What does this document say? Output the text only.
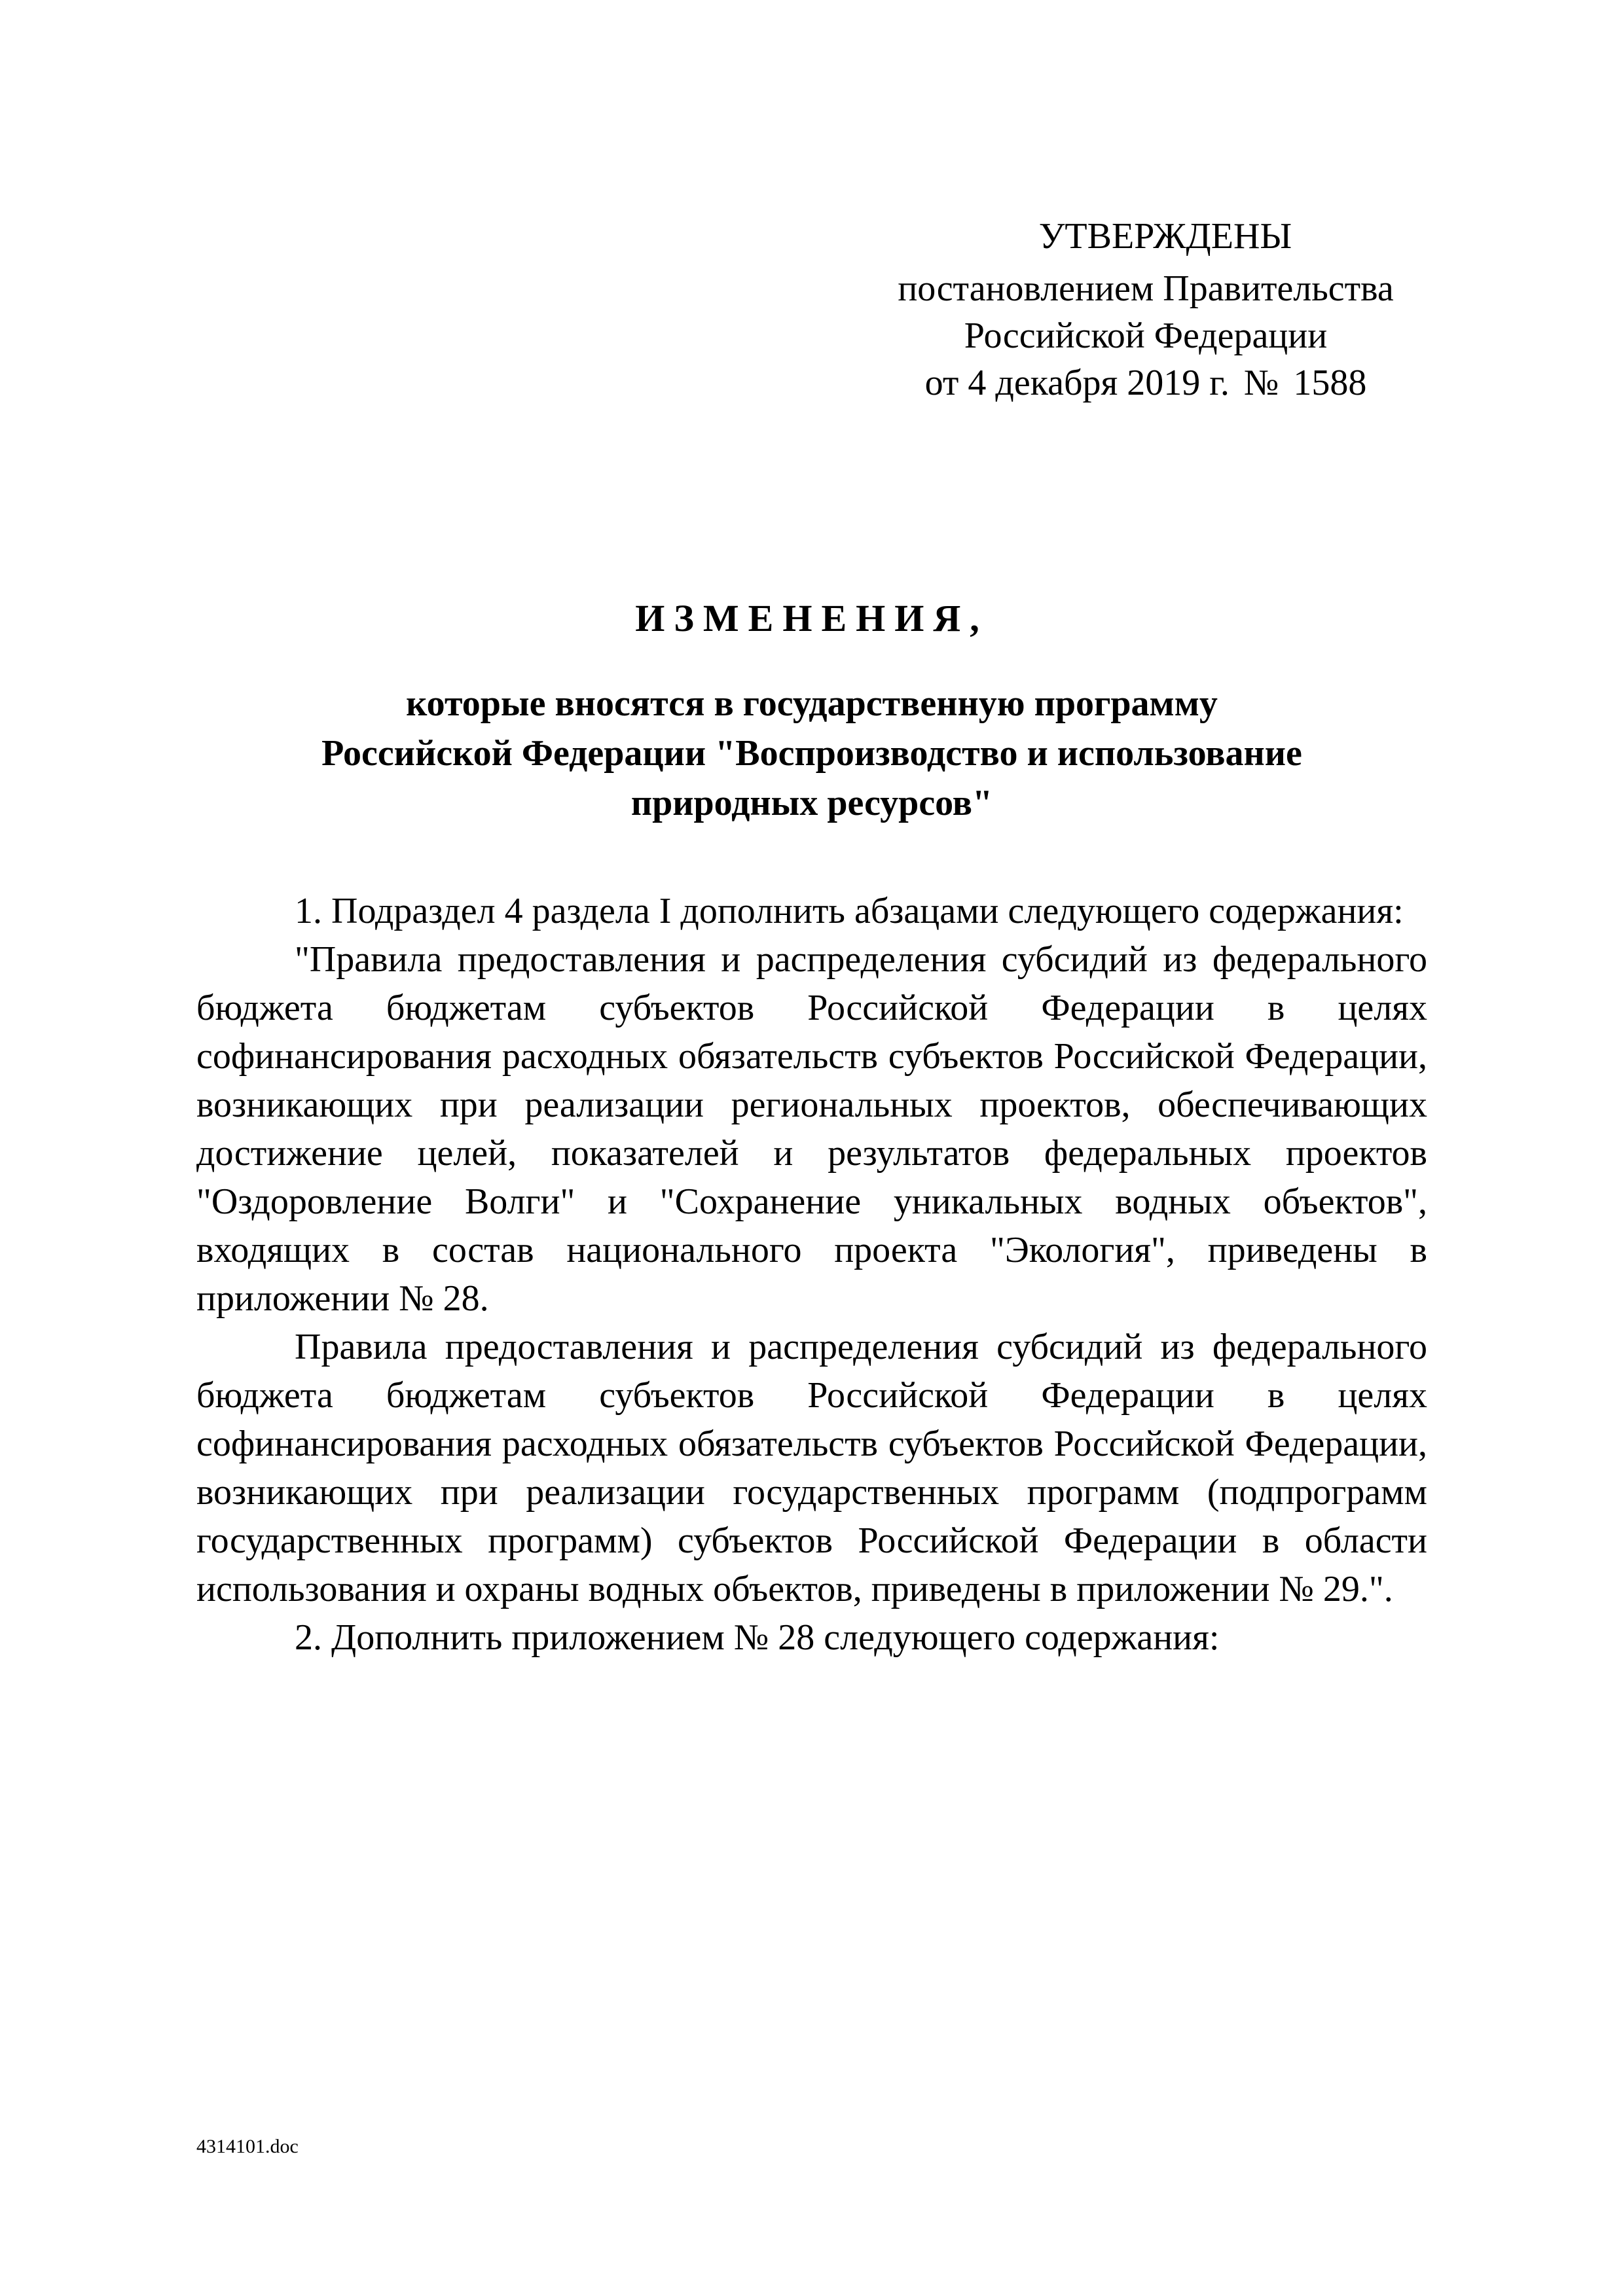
УТВЕРЖДЕНЫ
постановлением Правительства
Российской Федерации
от 4 декабря 2019 г. № 1588
ИЗМЕНЕНИЯ,
которые вносятся в государственную программу
Российской Федерации "Воспроизводство и использование
природных ресурсов"

1. Подраздел 4 раздела I дополнить абзацами следующего содержания:

"Правила предоставления и распределения субсидий из федерального бюджета бюджетам субъектов Российской Федерации в целях софинансирования расходных обязательств субъектов Российской Федерации, возникающих при реализации региональных проектов, обеспечивающих достижение целей, показателей и результатов федеральных проектов "Оздоровление Волги" и "Сохранение уникальных водных объектов", входящих в состав национального проекта "Экология", приведены в приложении № 28.

Правила предоставления и распределения субсидий из федерального бюджета бюджетам субъектов Российской Федерации в целях софинансирования расходных обязательств субъектов Российской Федерации, возникающих при реализации государственных программ (подпрограмм государственных программ) субъектов Российской Федерации в области использования и охраны водных объектов, приведены в приложении № 29.".

2. Дополнить приложением № 28 следующего содержания:

4314101.doc
